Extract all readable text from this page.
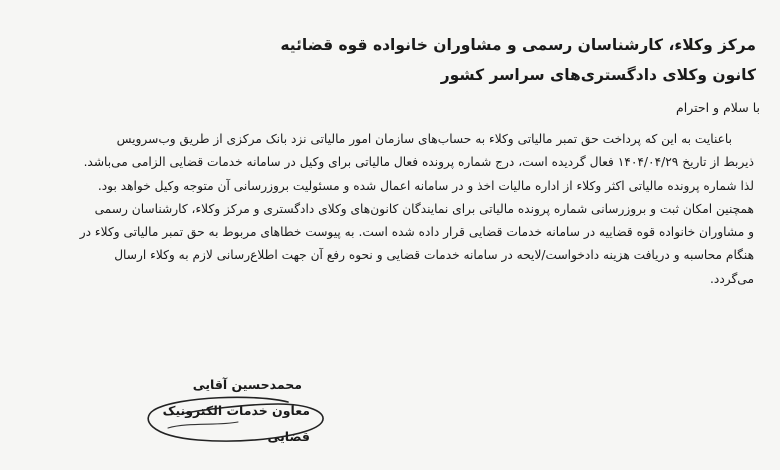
مرکز وکلاء، کارشناسان رسمی و مشاوران خانواده قوه قضائیه
کانون وکلای دادگستری‌های سراسر کشور
با سلام و احترام
باعنایت به این که پرداخت حق تمبر مالیاتی وکلاء به حساب‌های سازمان امور مالیاتی نزد بانک مرکزی از طریق وب‌سرویس
ذیربط از تاریخ ۱۴۰۴/۰۴/۲۹ فعال گردیده است، درج شماره پرونده فعال مالیاتی برای وکیل در سامانه خدمات قضایی الزامی می‌باشد.
لذا شماره پرونده مالیاتی اکثر وکلاء از اداره مالیات اخذ و در سامانه اعمال شده و مسئولیت بروزرسانی آن متوجه وکیل خواهد بود.
همچنین امکان ثبت و بروزرسانی شماره پرونده مالیاتی برای نمایندگان کانون‌های وکلای دادگستری و مرکز وکلاء، کارشناسان رسمی
و مشاوران خانواده قوه قضاییه در سامانه خدمات قضایی قرار داده شده است. به پیوست خطاهای مربوط به حق تمبر مالیاتی وکلاء در
هنگام محاسبه و دریافت هزینه دادخواست/لایحه در سامانه خدمات قضایی و نحوه رفع آن جهت اطلاع‌رسانی لازم به وکلاء ارسال
می‌گردد.
محمدحسین آقایی
معاون خدمات الکترونیک قضایی
